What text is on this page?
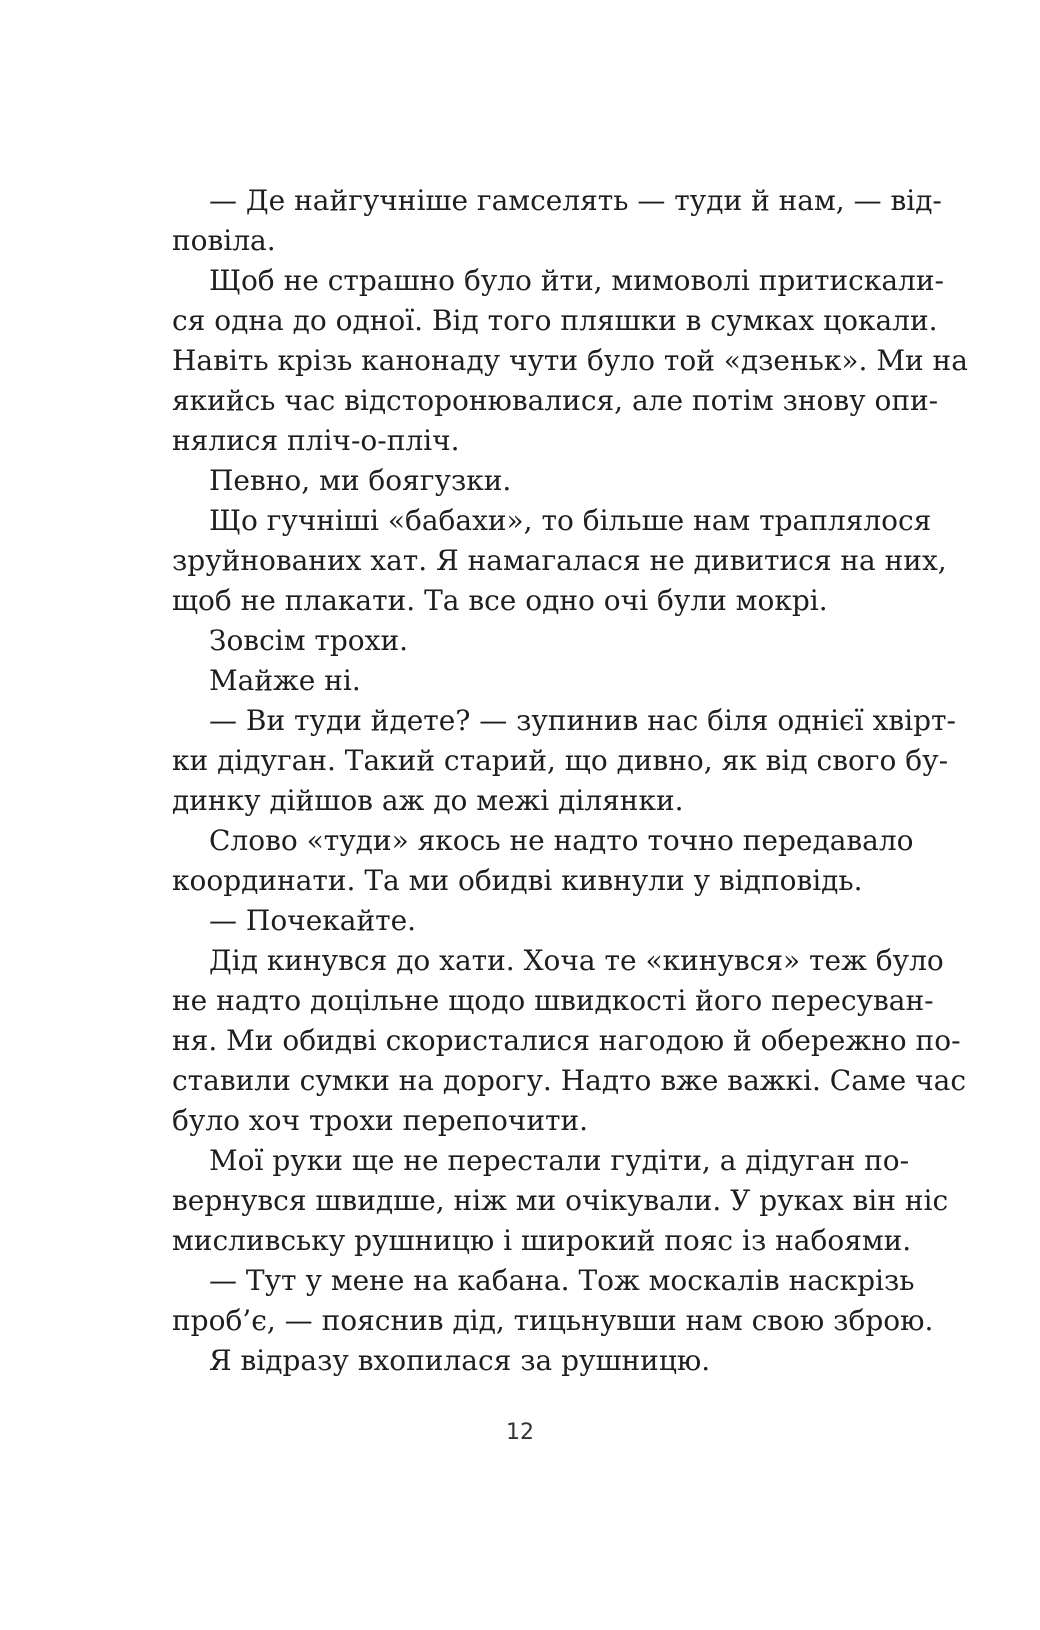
— Де найгучніше гамселять — туди й нам, — від-
повіла.
Щоб не страшно було йти, мимоволі притискали-
ся одна до одної. Від того пляшки в сумках цокали.
Навіть крізь канонаду чути було той «дзеньк». Ми на
якийсь час відсторонювалися, але потім знову опи-
нялися пліч-о-пліч.
Певно, ми боягузки.
Що гучніші «бабахи», то більше нам траплялося
зруйнованих хат. Я намагалася не дивитися на них,
щоб не плакати. Та все одно очі були мокрі.
Зовсім трохи.
Майже ні.
— Ви туди йдете? — зупинив нас біля однієї хвірт-
ки дідуган. Такий старий, що дивно, як від свого бу-
динку дійшов аж до межі ділянки.
Слово «туди» якось не надто точно передавало
координати. Та ми обидві кивнули у відповідь.
— Почекайте.
Дід кинувся до хати. Хоча те «кинувся» теж було
не надто доцільне щодо швидкості його пересуван-
ня. Ми обидві скористалися нагодою й обережно по-
ставили сумки на дорогу. Надто вже важкі. Саме час
було хоч трохи перепочити.
Мої руки ще не перестали гудіти, а дідуган по-
вернувся швидше, ніж ми очікували. У руках він ніс
мисливську рушницю і широкий пояс із набоями.
— Тут у мене на кабана. Тож москалів наскрізь
проб’є, — пояснив дід, тицьнувши нам свою зброю.
Я відразу вхопилася за рушницю.
12
